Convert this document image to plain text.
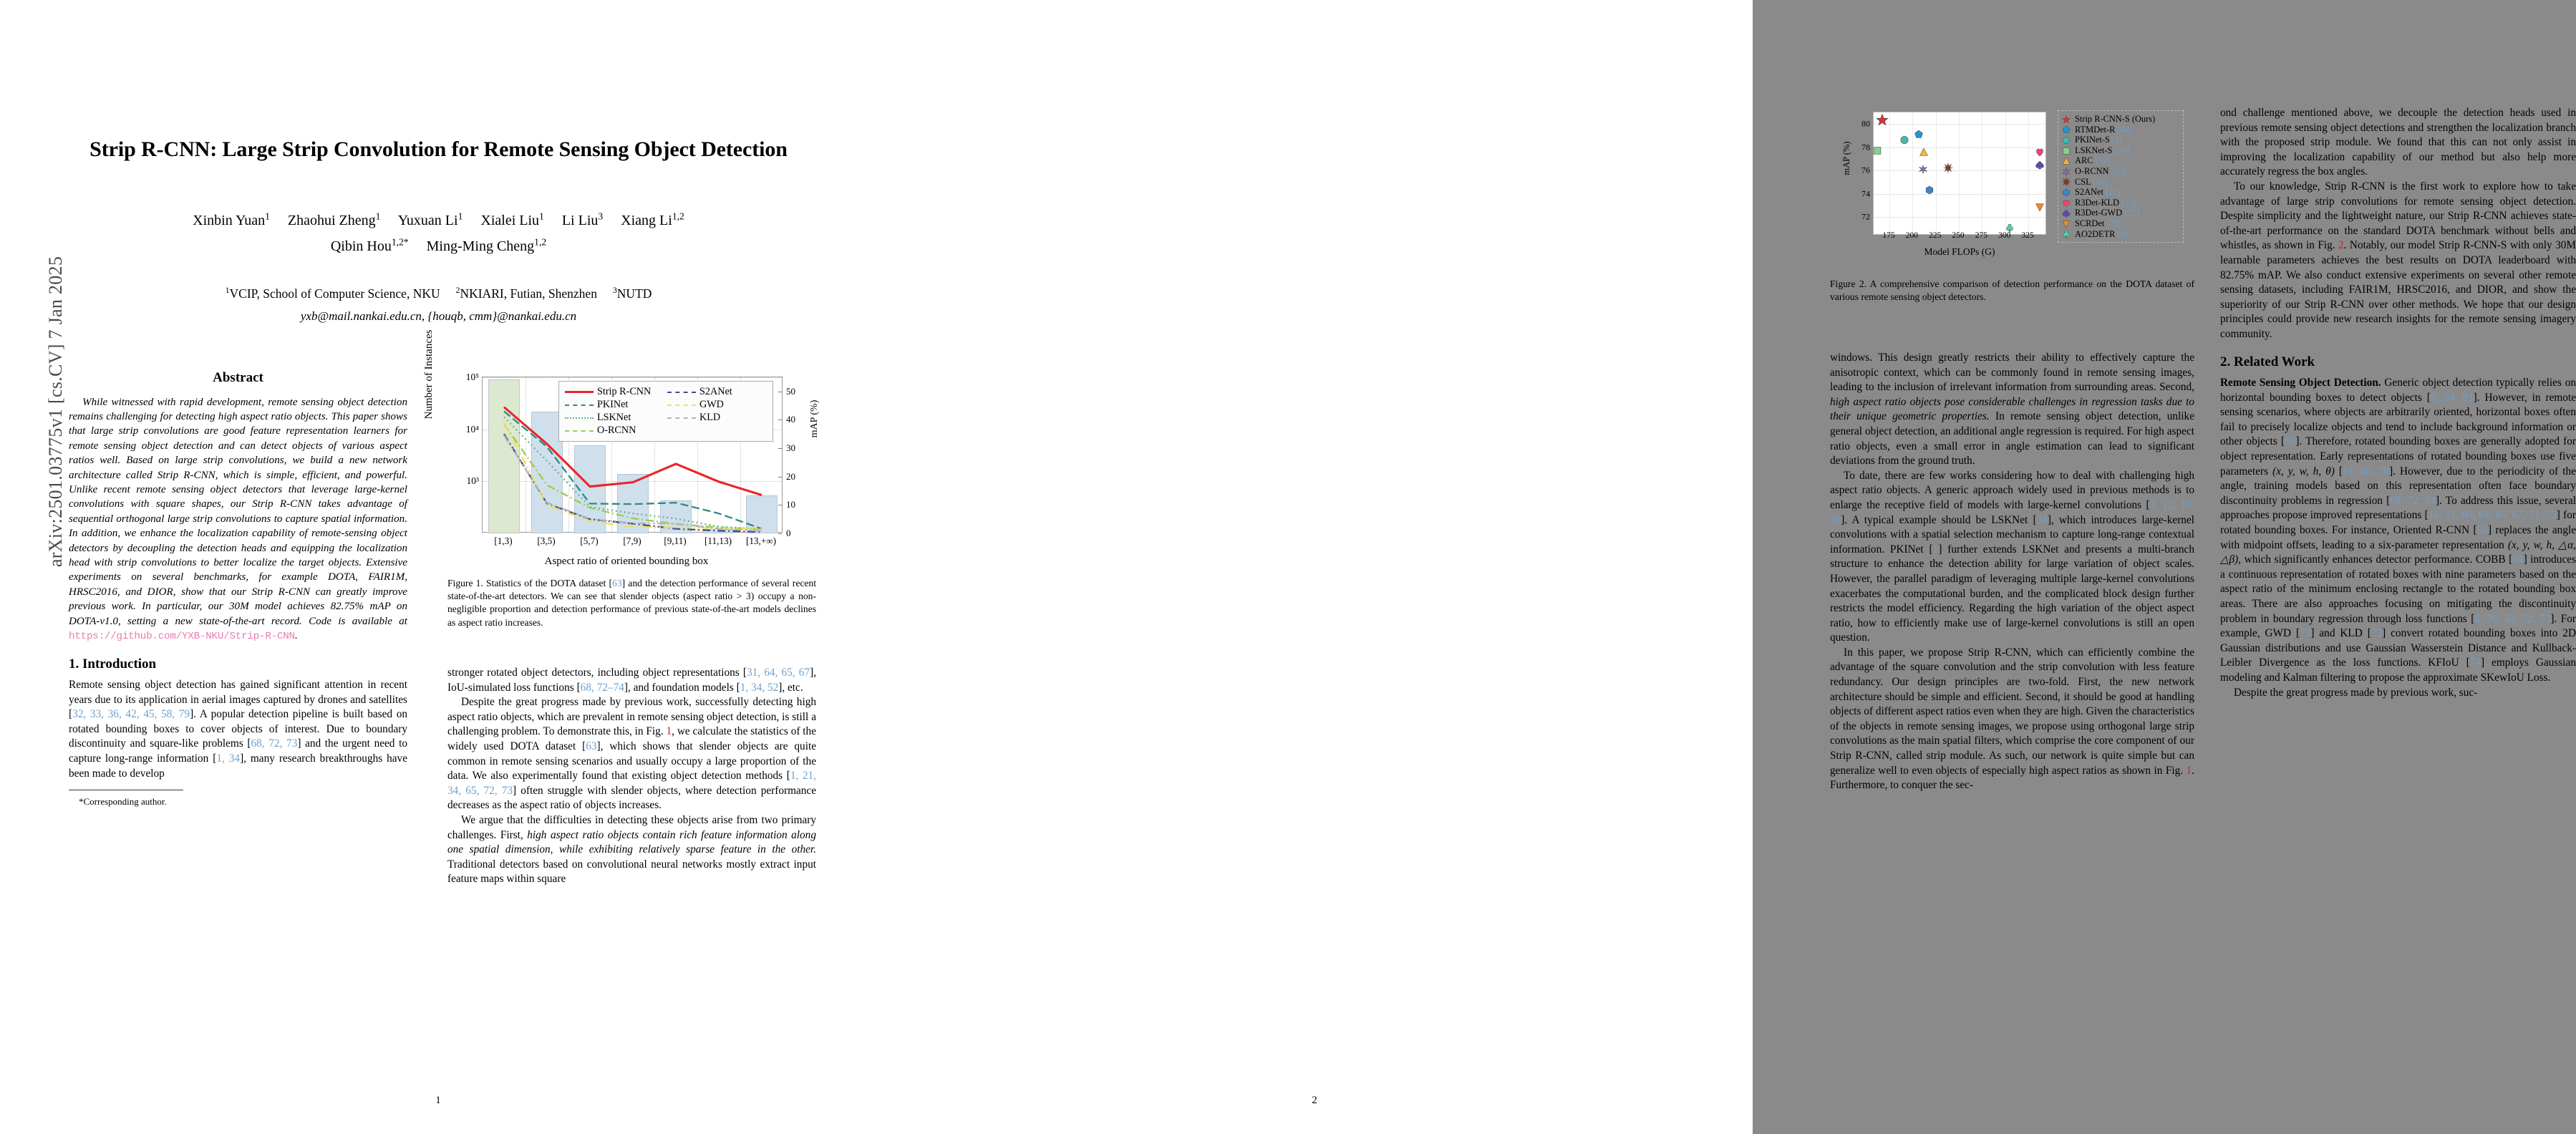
arXiv:2501.03775v1 [cs.CV] 7 Jan 2025
Strip R-CNN: Large Strip Convolution for Remote Sensing Object Detection
Xinbin Yuan$^1$   Zhaohui Zheng$^1$   Yuxuan Li$^1$   Xialei Liu$^1$   Li Liu$^3$   Xiang Li$^{1,2}$
Qibin Hou$^{1,2*}$   Ming-Ming Cheng$^{1,2}$
$^1$VCIP, School of Computer Science, NKU   $^2$NKIARI, Futian, Shenzhen   $^3$NUTD
yxb@mail.nankai.edu.cn, {houqb, cmm}@nankai.edu.cn
Abstract

While witnessed with rapid development, remote sensing object detection remains challenging for detecting high aspect ratio objects. This paper shows that large strip convolutions are good feature representation learners for remote sensing object detection and can detect objects of various aspect ratios well. Based on large strip convolutions, we build a new network architecture called Strip R-CNN, which is simple, efficient, and powerful. Unlike recent remote sensing object detectors that leverage large-kernel convolutions with square shapes, our Strip R-CNN takes advantage of sequential orthogonal large strip convolutions to capture spatial information. In addition, we enhance the localization capability of remote-sensing object detectors by decoupling the detection heads and equipping the localization head with strip convolutions to better localize the target objects. Extensive experiments on several benchmarks, for example DOTA, FAIR1M, HRSC2016, and DIOR, show that our Strip R-CNN can greatly improve previous work. In particular, our 30M model achieves 82.75% mAP on DOTA-v1.0, setting a new state-of-the-art record. Code is available at https://github.com/YXB-NKU/Strip-R-CNN.

1. Introduction

Remote sensing object detection has gained significant attention in recent years due to its application in aerial images captured by drones and satellites [32, 33, 36, 42, 45, 58, 79]. A popular detection pipeline is built based on rotated bounding boxes to cover objects of interest. Due to boundary discontinuity and square-like problems [68, 72, 73] and the urgent need to capture long-range information [1, 34], many research breakthroughs have been made to develop

*Corresponding author.
Number of Instances	mAP (%)
Aspect ratio of oriented bounding box
10³
10⁴
10⁵
0
10
20
30
40
50
Strip R-CNN	S2ANet
PKINet	GWD
LSKNet	KLD
O-RCNN
[1,3)	[3,5)	[5,7)	[7,9) [9,11) [11,13) [13,+∞)
Figure 1. Statistics of the DOTA dataset [63] and the detection performance of several recent state-of-the-art detectors. We can see that slender objects (aspect ratio > 3) occupy a non-negligible proportion and detection performance of previous state-of-the-art models declines as aspect ratio increases.

stronger rotated object detectors, including object representations [31, 64, 65, 67], IoU-simulated loss functions [68, 72–74], and foundation models [1, 34, 52], etc.

Despite the great progress made by previous work, successfully detecting high aspect ratio objects, which are prevalent in remote sensing object detection, is still a challenging problem. To demonstrate this, in Fig. 1, we calculate the statistics of the widely used DOTA dataset [63], which shows that slender objects are quite common in remote sensing scenarios and usually occupy a large proportion of the data. We also experimentally found that existing object detection methods [1, 21, 34, 65, 72, 73] often struggle with slender objects, where detection performance decreases as the aspect ratio of objects increases.

We argue that the difficulties in detecting these objects arise from two primary challenges. First, high aspect ratio objects contain rich feature information along one spatial dimension, while exhibiting relatively sparse feature in the other. Traditional detectors based on convolutional neural networks mostly extract input feature maps within square

1
mAP (%)
Model FLOPs (G)
72
74
76
78
80	Strip R-CNN-S (Ours)
RTMDet-R [44]
PKINet-S [1]
LSKNet-S [34]
ARC [52]
O-RCNN [65]
CSL [68]
S2ANet [21]
R3Det-KLD [73]
R3Det-GWD [72]
SCRDet [70]
AO2DETR [9]
175 200 225 250 275 300 325
Figure 2. A comprehensive comparison of detection performance on the DOTA dataset of various remote sensing object detectors.

windows. This design greatly restricts their ability to effectively capture the anisotropic context, which can be commonly found in remote sensing images, leading to the inclusion of irrelevant information from surrounding areas. Second, high aspect ratio objects pose considerable challenges in regression tasks due to their unique geometric properties. In remote sensing object detection, unlike general object detection, an additional angle regression is required. For high aspect ratio objects, even a small error in angle estimation can lead to significant deviations from the ground truth.

To date, there are few works considering how to deal with challenging high aspect ratio objects. A generic approach widely used in previous methods is to enlarge the receptive field of models with large-kernel convolutions [3, 12, 13, 38]. A typical example should be LSKNet [34], which introduces large-kernel convolutions with a spatial selection mechanism to capture long-range contextual information. PKINet [1] further extends LSKNet and presents a multi-branch structure to enhance the detection ability for large variation of object scales. However, the parallel paradigm of leveraging multiple large-kernel convolutions exacerbates the computational burden, and the complicated block design further restricts the model efficiency. Regarding the high variation of the object aspect ratio, how to efficiently make use of large-kernel convolutions is still an open question.

In this paper, we propose Strip R-CNN, which can efficiently combine the advantage of the square convolution and the strip convolution with less feature redundancy. Our design principles are two-fold. First, the new network architecture should be simple and efficient. Second, it should be good at handling objects of different aspect ratios even when they are high. Given the characteristics of the objects in remote sensing images, we propose using orthogonal large strip convolutions as the main spatial filters, which comprise the core component of our Strip R-CNN, called strip module. As such, our network is quite simple but can generalize well to even objects of especially high aspect ratios as shown in Fig. 1. Furthermore, to conquer the sec-

ond challenge mentioned above, we decouple the detection heads used in previous remote sensing object detections and strengthen the localization branch with the proposed strip module. We found that this can not only assist in improving the localization capability of our method but also help more accurately regress the box angles.

To our knowledge, Strip R-CNN is the first work to explore how to take advantage of large strip convolutions for remote sensing object detection. Despite simplicity and the lightweight nature, our Strip R-CNN achieves state-of-the-art performance on the standard DOTA benchmark without bells and whistles, as shown in Fig. 2. Notably, our model Strip R-CNN-S with only 30M learnable parameters achieves the best results on DOTA leaderboard with 82.75% mAP. We also conduct extensive experiments on several other remote sensing datasets, including FAIR1M, HRSC2016, and DIOR, and show the superiority of our Strip R-CNN over other methods. We hope that our design principles could provide new research insights for the remote sensing imagery community.

2. Related Work

Remote Sensing Object Detection. Generic object detection typically relies on horizontal bounding boxes to detect objects [5, 54, 81]. However, in remote sensing scenarios, where objects are arbitrarily oriented, horizontal boxes often fail to precisely localize objects and tend to include background information or other objects [63]. Therefore, rotated bounding boxes are generally adopted for object representation. Early representations of rotated bounding boxes use five parameters (x, y, w, h, θ) [11, 40, 70]. However, due to the periodicity of the angle, training models based on this representation often face boundary discontinuity problems in regression [68, 72, 74]. To address this issue, several approaches propose improved representations [16, 31, 60, 64, 65, 67, 71, 75] for rotated bounding boxes. For instance, Oriented R-CNN [65] replaces the angle with midpoint offsets, leading to a six-parameter representation (x, y, w, h, △α, △β), which significantly enhances detector performance. COBB [64] introduces a continuous representation of rotated boxes with nine parameters based on the aspect ratio of the minimum enclosing rectangle to the rotated bounding box areas. There are also approaches focusing on mitigating the discontinuity problem in boundary regression through loss functions [8, 26, 53, 72, 73]. For example, GWD [72] and KLD [73] convert rotated bounding boxes into 2D Gaussian distributions and use Gaussian Wasserstein Distance and Kullback-Leibler Divergence as the loss functions. KFIoU [74] employs Gaussian modeling and Kalman filtering to propose the approximate SKewIoU Loss.

Despite the great progress made by previous work, suc-

2
